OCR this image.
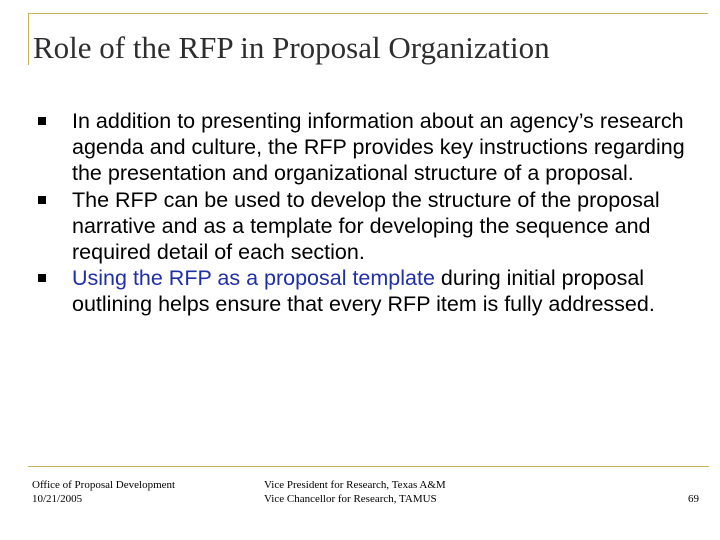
Role of the RFP in Proposal Organization
In addition to presenting information about an agency’s research agenda and culture, the RFP provides key instructions regarding the presentation and organizational structure of a proposal.
The RFP can be used to develop the structure of the proposal narrative and as a template for developing the sequence and required detail of each section.
Using the RFP as a proposal template during initial proposal outlining helps ensure that every RFP item is fully addressed.
Office of Proposal Development
10/21/2005
Vice President for Research, Texas A&M
Vice Chancellor for Research, TAMUS	69
